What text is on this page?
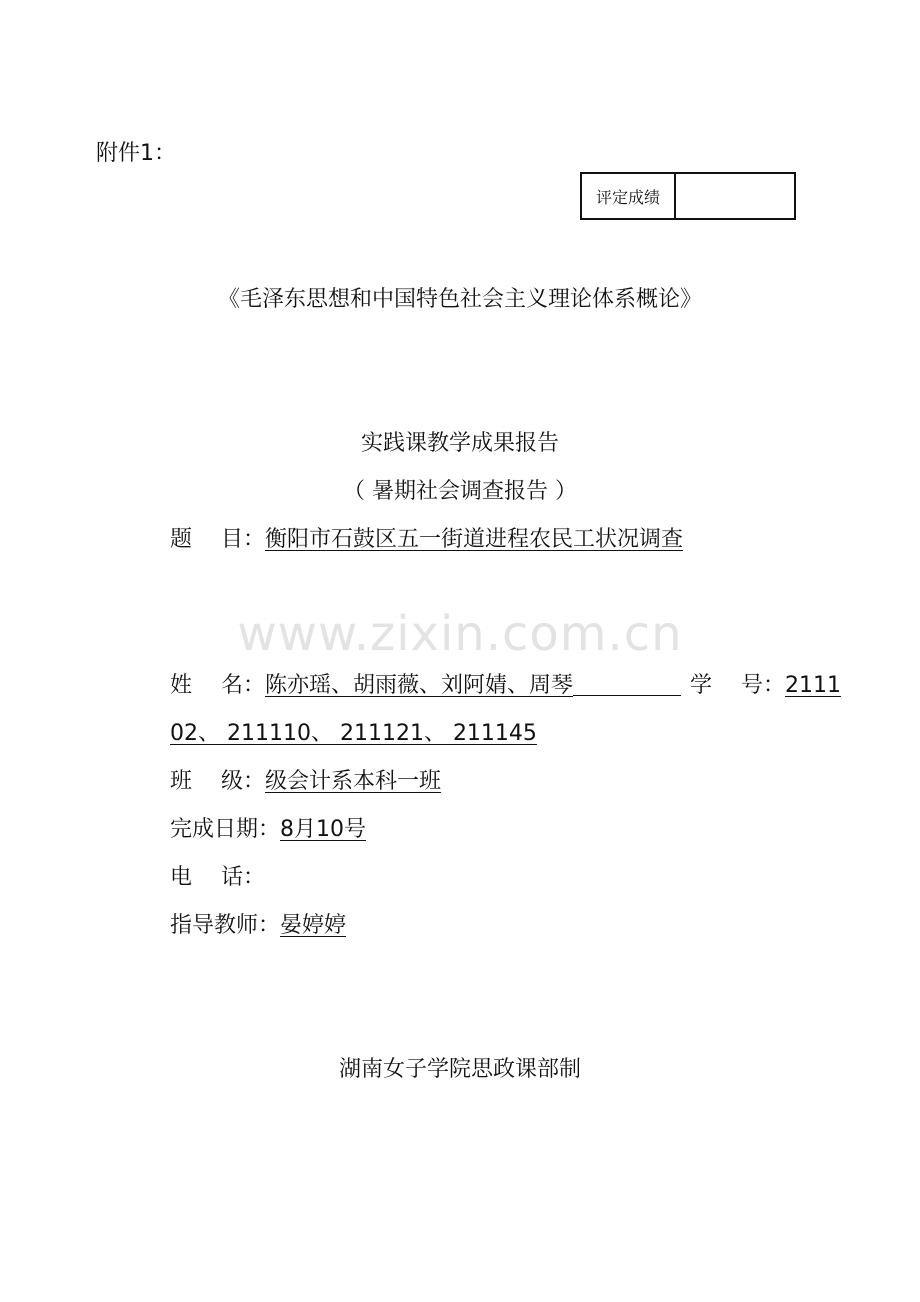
附件1：
评定成绩
《毛泽东思想和中国特色社会主义理论体系概论》
实践课教学成果报告
（ 暑期社会调查报告 ）
题　 目：衡阳市石鼓区五一街道进程农民工状况调查
www.zixin.com.cn
姓　 名：陈亦瑶、胡雨薇、刘阿婧、周琴	学　 号：2111
02、 211110、 211121、 211145
班　 级：级会计系本科一班
完成日期：8月10号
电　 话：
指导教师：晏婷婷
湖南女子学院思政课部制
